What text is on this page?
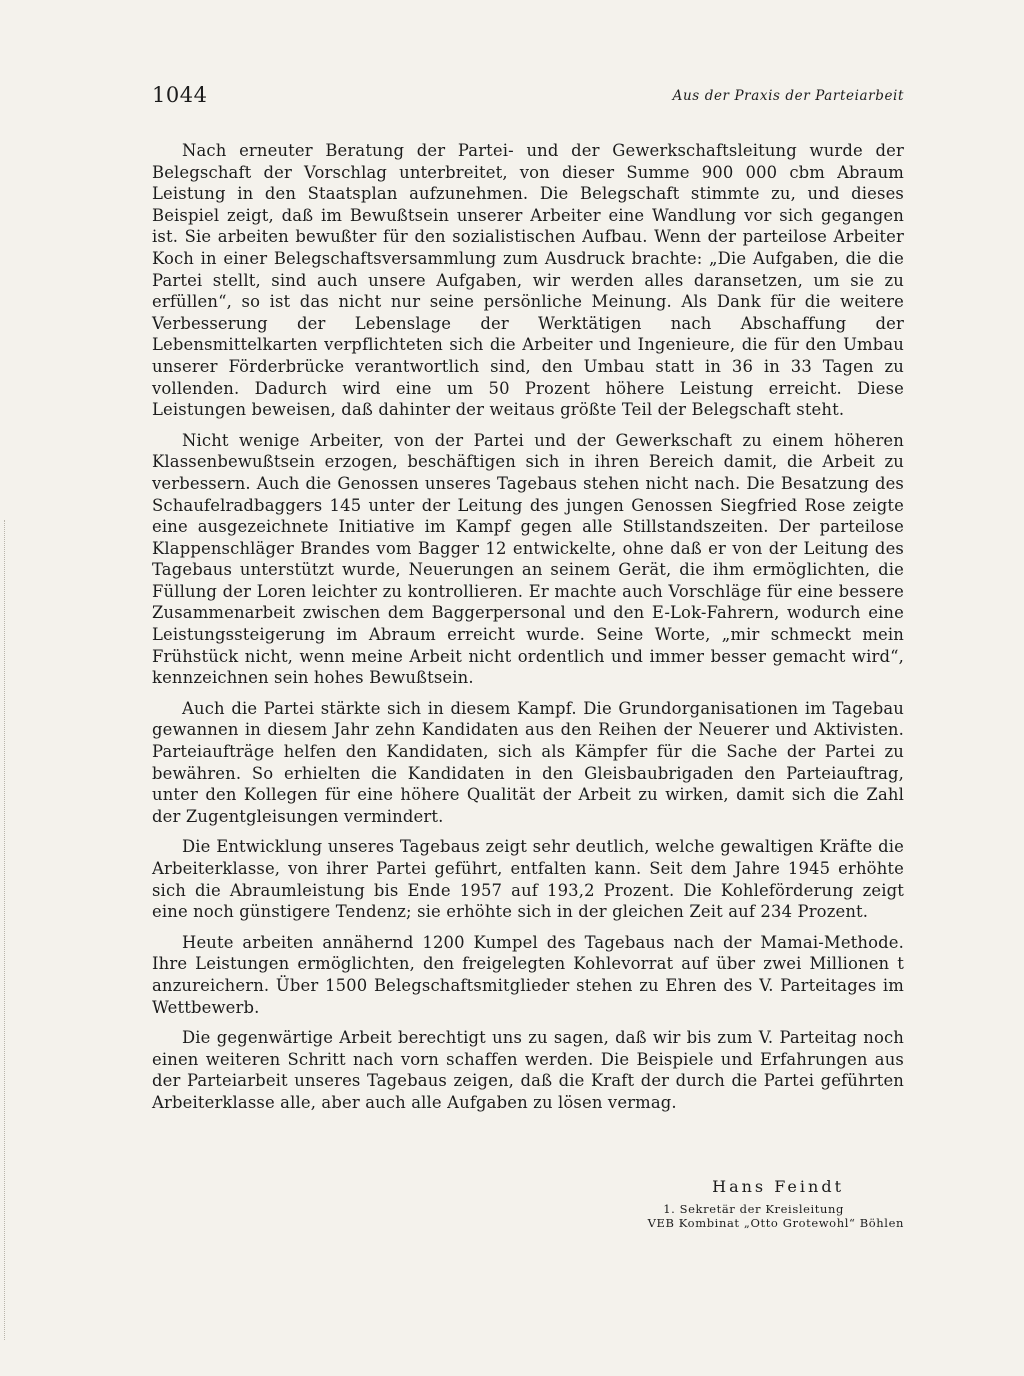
1044	Aus der Praxis der Parteiarbeit

Nach erneuter Beratung der Partei- und der Gewerkschaftsleitung wurde der Belegschaft der Vorschlag unterbreitet, von dieser Summe 900 000 cbm Abraum Leistung in den Staatsplan aufzunehmen. Die Belegschaft stimmte zu, und dieses Beispiel zeigt, daß im Bewußtsein unserer Arbeiter eine Wandlung vor sich gegangen ist. Sie arbeiten bewußter für den sozialistischen Aufbau. Wenn der parteilose Arbeiter Koch in einer Belegschaftsversammlung zum Ausdruck brachte: „Die Aufgaben, die die Partei stellt, sind auch unsere Aufgaben, wir werden alles daransetzen, um sie zu erfüllen“, so ist das nicht nur seine persönliche Meinung. Als Dank für die weitere Verbesserung der Lebenslage der Werktätigen nach Abschaffung der Lebensmittelkarten verpflichteten sich die Arbeiter und Ingenieure, die für den Umbau unserer Förderbrücke verantwortlich sind, den Umbau statt in 36 in 33 Tagen zu vollenden. Dadurch wird eine um 50 Prozent höhere Leistung erreicht. Diese Leistungen beweisen, daß dahinter der weitaus größte Teil der Belegschaft steht.

Nicht wenige Arbeiter, von der Partei und der Gewerkschaft zu einem höheren Klassenbewußtsein erzogen, beschäftigen sich in ihren Bereich damit, die Arbeit zu verbessern. Auch die Genossen unseres Tagebaus stehen nicht nach. Die Besatzung des Schaufelradbaggers 145 unter der Leitung des jungen Genossen Siegfried Rose zeigte eine ausgezeichnete Initiative im Kampf gegen alle Stillstandszeiten. Der parteilose Klappenschläger Brandes vom Bagger 12 entwickelte, ohne daß er von der Leitung des Tagebaus unterstützt wurde, Neuerungen an seinem Gerät, die ihm ermöglichten, die Füllung der Loren leichter zu kontrollieren. Er machte auch Vorschläge für eine bessere Zusammenarbeit zwischen dem Baggerpersonal und den E-Lok-Fahrern, wodurch eine Leistungssteigerung im Abraum erreicht wurde. Seine Worte, „mir schmeckt mein Frühstück nicht, wenn meine Arbeit nicht ordentlich und immer besser gemacht wird“, kennzeichnen sein hohes Bewußtsein.

Auch die Partei stärkte sich in diesem Kampf. Die Grundorganisationen im Tagebau gewannen in diesem Jahr zehn Kandidaten aus den Reihen der Neuerer und Aktivisten. Parteiaufträge helfen den Kandidaten, sich als Kämpfer für die Sache der Partei zu bewähren. So erhielten die Kandidaten in den Gleisbaubrigaden den Parteiauftrag, unter den Kollegen für eine höhere Qualität der Arbeit zu wirken, damit sich die Zahl der Zugentgleisungen vermindert.

Die Entwicklung unseres Tagebaus zeigt sehr deutlich, welche gewaltigen Kräfte die Arbeiterklasse, von ihrer Partei geführt, entfalten kann. Seit dem Jahre 1945 erhöhte sich die Abraumleistung bis Ende 1957 auf 193,2 Prozent. Die Kohleförderung zeigt eine noch günstigere Tendenz; sie erhöhte sich in der gleichen Zeit auf 234 Prozent.

Heute arbeiten annähernd 1200 Kumpel des Tagebaus nach der Mamai-Methode. Ihre Leistungen ermöglichten, den freigelegten Kohlevorrat auf über zwei Millionen t anzureichern. Über 1500 Belegschaftsmitglieder stehen zu Ehren des V. Parteitages im Wettbewerb.

Die gegenwärtige Arbeit berechtigt uns zu sagen, daß wir bis zum V. Parteitag noch einen weiteren Schritt nach vorn schaffen werden. Die Beispiele und Erfahrungen aus der Parteiarbeit unseres Tagebaus zeigen, daß die Kraft der durch die Partei geführten Arbeiterklasse alle, aber auch alle Aufgaben zu lösen vermag.

Hans Feindt
1. Sekretär der Kreisleitung
VEB Kombinat „Otto Grotewohl“ Böhlen
